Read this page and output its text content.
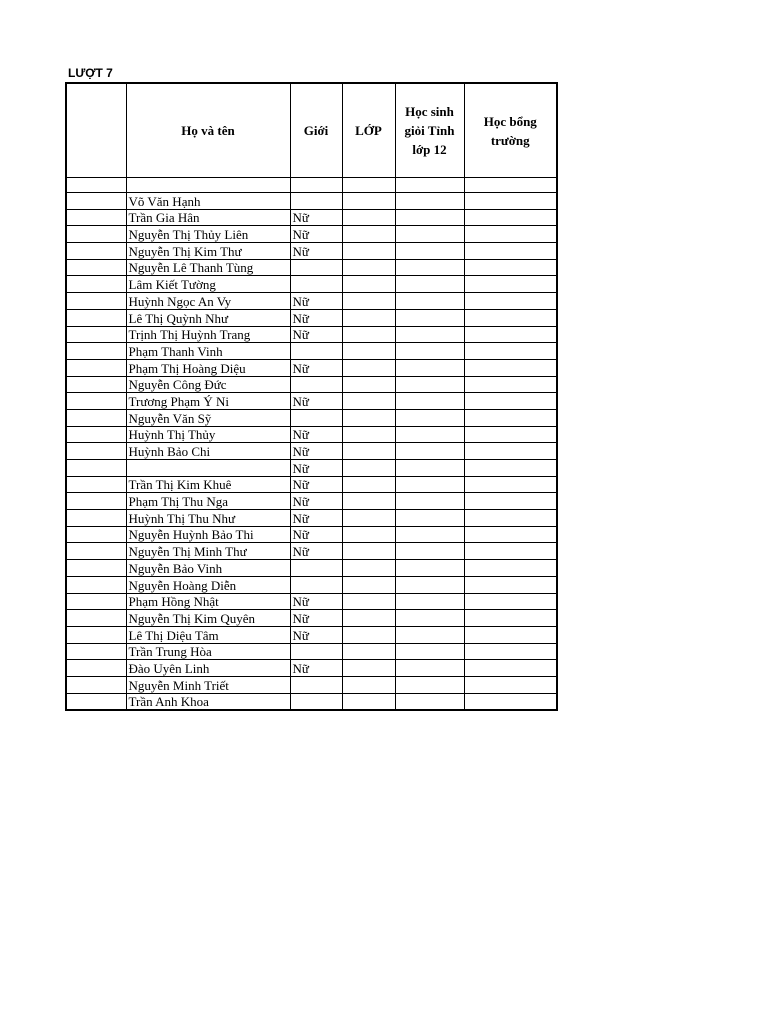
LƯỢT 7
	Họ và tên	Giới	LỚP	Học sinh giỏi Tỉnh lớp 12	Học bổng trường

	Võ Văn Hạnh				
	Trần Gia Hân	Nữ			
	Nguyễn Thị Thủy Liên	Nữ			
	Nguyễn Thị Kim Thư	Nữ			
	Nguyễn Lê Thanh Tùng				
	Lâm Kiết Tường				
	Huỳnh Ngọc An Vy	Nữ			
	Lê Thị Quỳnh Như	Nữ			
	Trịnh Thị Huỳnh Trang	Nữ			
	Phạm Thanh Vinh				
	Phạm Thị Hoàng Diệu	Nữ			
	Nguyễn Công Đức				
	Trương Phạm Ý Ni	Nữ			
	Nguyễn Văn Sỹ				
	Huỳnh Thị Thủy	Nữ			
	Huỳnh Bảo Chi	Nữ			
		Nữ			
	Trần Thị Kim Khuê	Nữ			
	Phạm Thị Thu Nga	Nữ			
	Huỳnh Thị Thu Như	Nữ			
	Nguyễn Huỳnh Bảo Thi	Nữ			
	Nguyễn Thị Minh Thư	Nữ			
	Nguyễn Bảo Vinh				
	Nguyễn Hoàng Diễn				
	Phạm Hồng Nhật	Nữ			
	Nguyễn Thị Kim Quyên	Nữ			
	Lê Thị Diệu Tâm	Nữ			
	Trần Trung Hòa				
	Đào Uyên Linh	Nữ			
	Nguyễn Minh Triết				
	Trần Anh Khoa				
